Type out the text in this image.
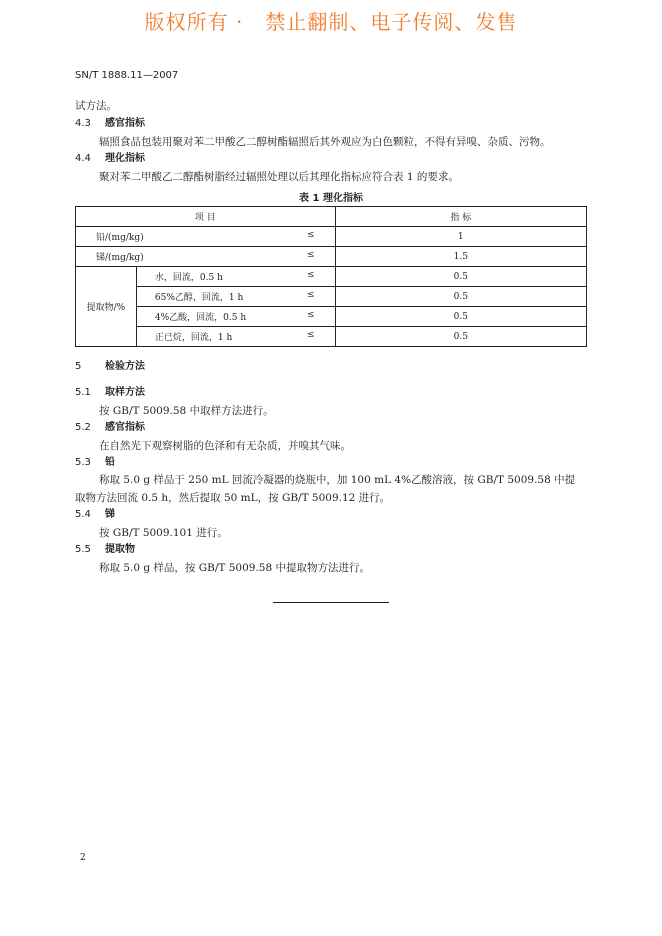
版权所有 ·   禁止翻制、电子传阅、发售
SN/T 1888.11—2007
试方法。
4.3 感官指标
辐照食品包装用聚对苯二甲酸乙二醇树酯辐照后其外观应为白色颗粒，不得有异嗅、杂质、污物。
4.4 理化指标
聚对苯二甲酸乙二醇酯树脂经过辐照处理以后其理化指标应符合表 1 的要求。
表 1 理化指标
项 目		指 标

铅/(mg/kg) ≤		1

锑/(mg/kg) ≤		1.5
提取物/%	水，回流，0.5 h ≤	0.5

	65%乙醇，回流，1 h ≤	0.5

	4%乙酸，回流，0.5 h ≤	0.5

	正已烷，回流，1 h ≤	0.5
5 检验方法
5.1 取样方法
按 GB/T 5009.58 中取样方法进行。
5.2 感官指标
在自然光下观察树脂的色泽和有无杂质，并嗅其气味。
5.3 铅
称取 5.0 g 样品于 250 mL 回流冷凝器的烧瓶中，加 100 mL 4%乙酸溶液，按 GB/T 5009.58 中提
取物方法回流 0.5 h，然后提取 50 mL，按 GB/T 5009.12 进行。
5.4 锑
按 GB/T 5009.101 进行。
5.5 提取物
称取 5.0 g 样品，按 GB/T 5009.58 中提取物方法进行。
2
